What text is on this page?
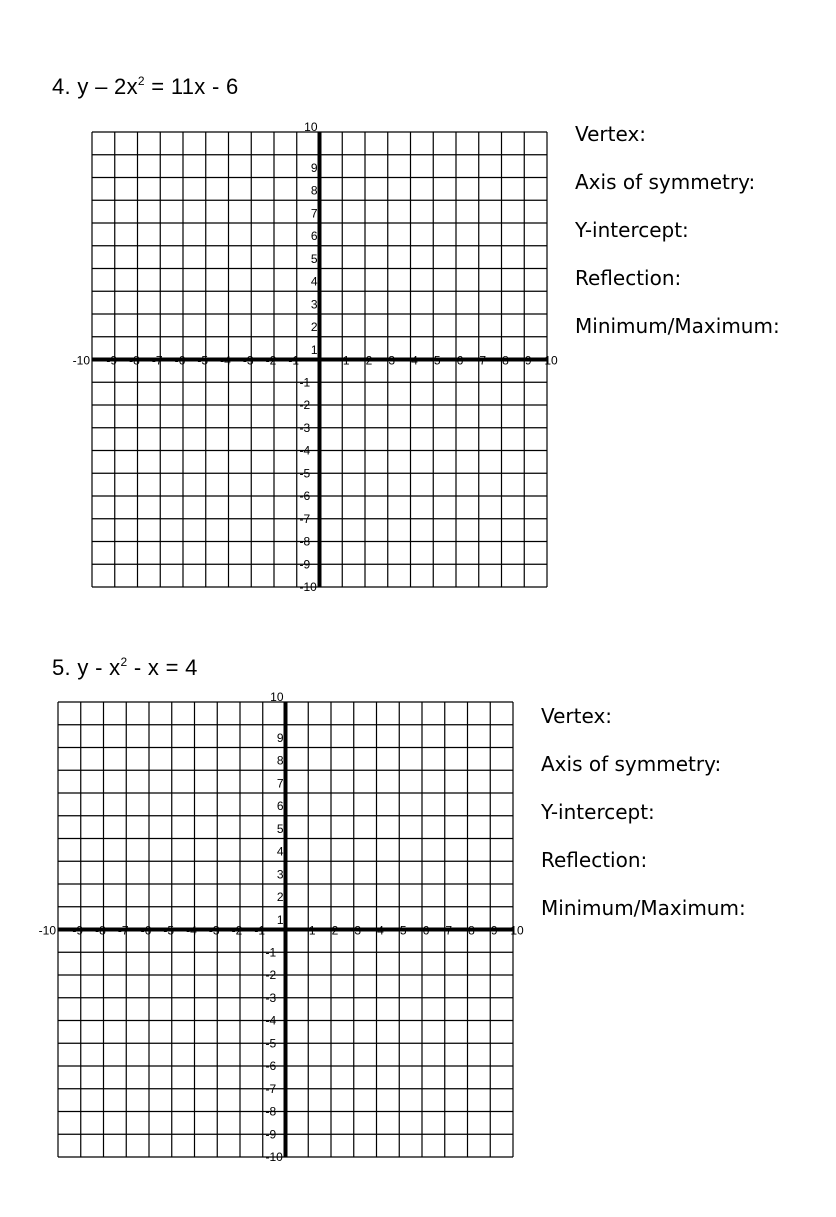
4. $y - 2x^2 = 11x - 6$
-10 -9 -8 -7 -6 -5 -4 -3 -2 -1	1 2 3 4 5 6 7 8 9 10
-10
-9
-8
-7
-6
-5
-4
-3
-2
-1
1
2
3
4
5
6
7
8
9
10	Vertex:
Axis of symmetry:
Y-intercept:
Reflection:
Minimum/Maximum:
5. $y - x^2 - x = 4$
-10 -9 -8 -7 -6 -5 -4 -3 -2 -1	1 2 3 4 5 6 7 8 9 10
-10
-9
-8
-7
-6
-5
-4
-3
-2
-1
1
2
3
4
5
6
7
8
9
10
Vertex:
Axis of symmetry:
Y-intercept:
Reflection:
Minimum/Maximum:
